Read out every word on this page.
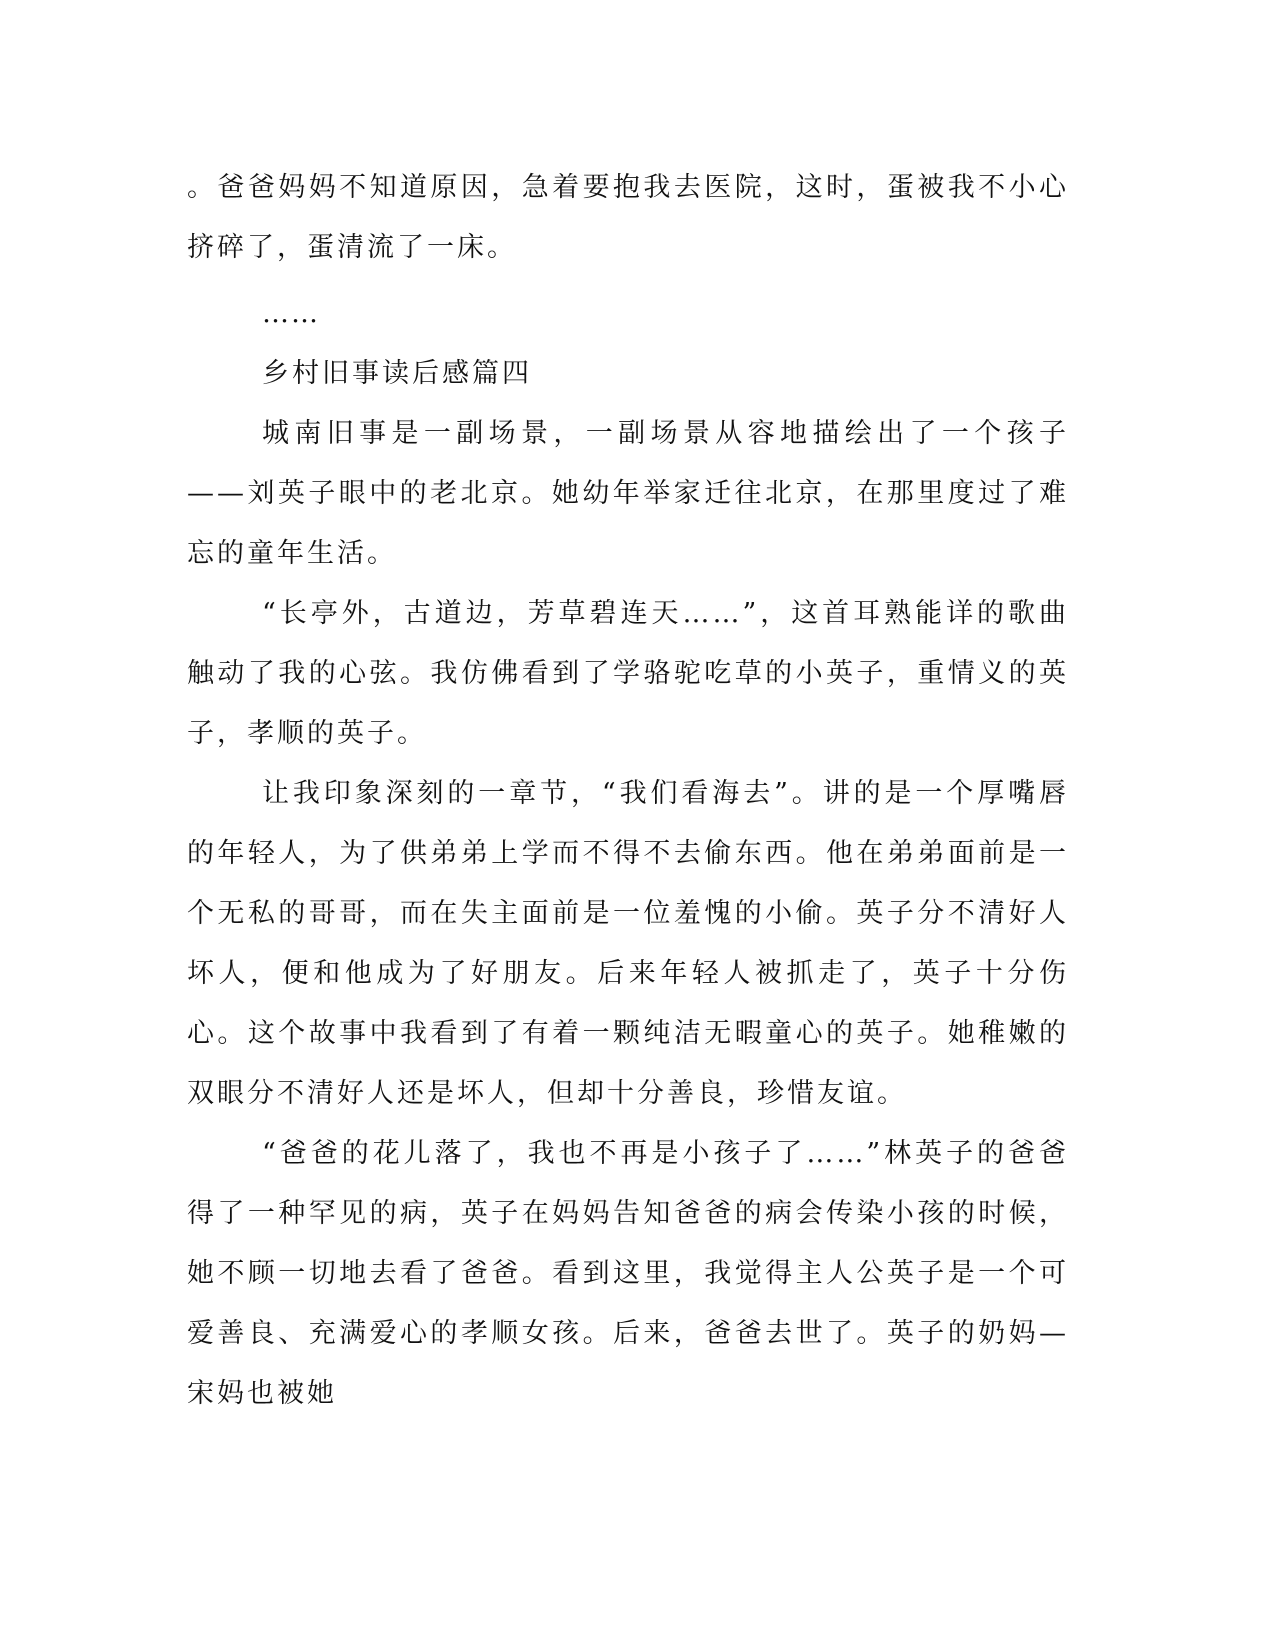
。爸爸妈妈不知道原因，急着要抱我去医院，这时，蛋被我不小心挤碎了，蛋清流了一床。

……

乡村旧事读后感篇四

城南旧事是一副场景，一副场景从容地描绘出了一个孩子——刘英子眼中的老北京。她幼年举家迁往北京，在那里度过了难忘的童年生活。

“长亭外，古道边，芳草碧连天……”，这首耳熟能详的歌曲触动了我的心弦。我仿佛看到了学骆驼吃草的小英子，重情义的英子，孝顺的英子。

让我印象深刻的一章节，“我们看海去”。讲的是一个厚嘴唇的年轻人，为了供弟弟上学而不得不去偷东西。他在弟弟面前是一个无私的哥哥，而在失主面前是一位羞愧的小偷。英子分不清好人坏人，便和他成为了好朋友。后来年轻人被抓走了，英子十分伤心。这个故事中我看到了有着一颗纯洁无暇童心的英子。她稚嫩的双眼分不清好人还是坏人，但却十分善良，珍惜友谊。

“爸爸的花儿落了，我也不再是小孩子了……”林英子的爸爸得了一种罕见的病，英子在妈妈告知爸爸的病会传染小孩的时候，她不顾一切地去看了爸爸。看到这里，我觉得主人公英子是一个可爱善良、充满爱心的孝顺女孩。后来，爸爸去世了。英子的奶妈—宋妈也被她
